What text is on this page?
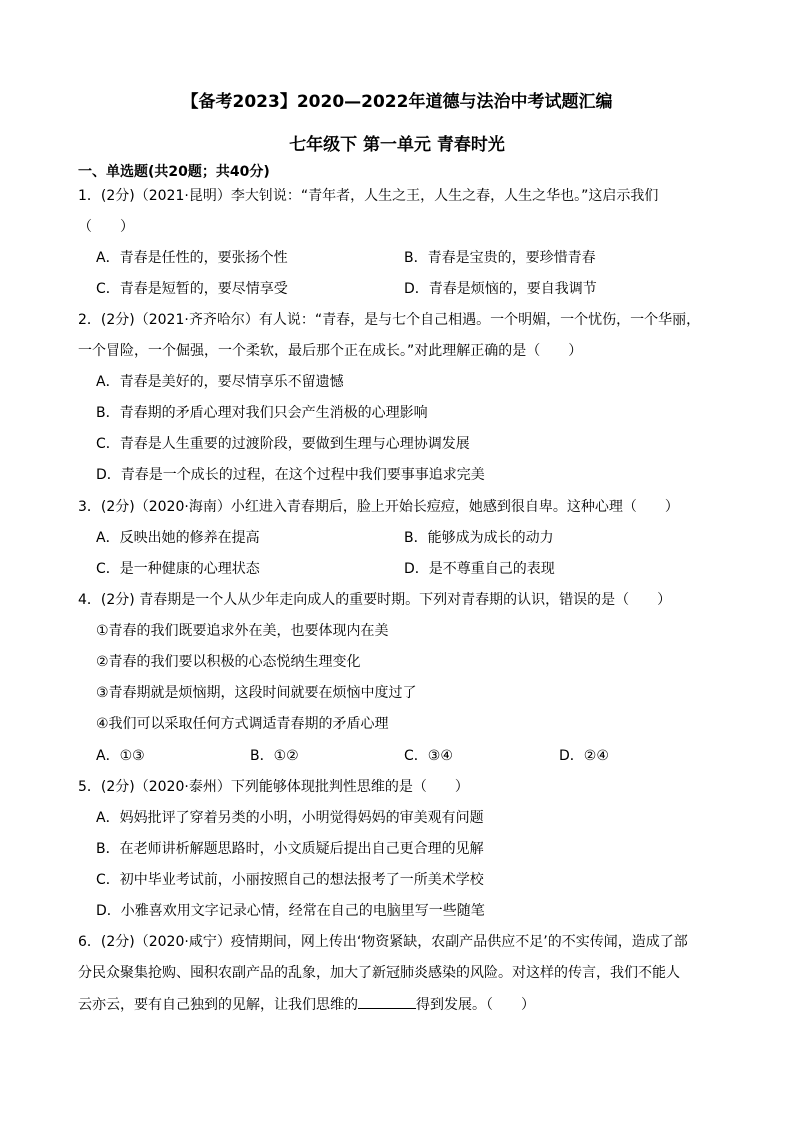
【备考2023】2020—2022年道德与法治中考试题汇编
七年级下 第一单元 青春时光
一、单选题(共20题；共40分)
1．(2分)（2021·昆明）李大钊说：“青年者，人生之王，人生之春，人生之华也。”这启示我们
（　　）
A．青春是任性的，要张扬个性	B．青春是宝贵的，要珍惜青春
C．青春是短暂的，要尽情享受	D．青春是烦恼的，要自我调节
2．(2分)（2021·齐齐哈尔）有人说：“青春，是与七个自己相遇。一个明媚，一个忧伤，一个华丽，
一个冒险，一个倔强，一个柔软，最后那个正在成长。”对此理解正确的是（　　）
A．青春是美好的，要尽情享乐不留遗憾
B．青春期的矛盾心理对我们只会产生消极的心理影响
C．青春是人生重要的过渡阶段，要做到生理与心理协调发展
D．青春是一个成长的过程，在这个过程中我们要事事追求完美
3．(2分)（2020·海南）小红进入青春期后，脸上开始长痘痘，她感到很自卑。这种心理（　　）
A．反映出她的修养在提高	B．能够成为成长的动力
C．是一种健康的心理状态	D．是不尊重自己的表现
4．(2分) 青春期是一个人从少年走向成人的重要时期。下列对青春期的认识，错误的是（　　）
①青春的我们既要追求外在美，也要体现内在美
②青春的我们要以积极的心态悦纳生理变化
③青春期就是烦恼期，这段时间就要在烦恼中度过了
④我们可以采取任何方式调适青春期的矛盾心理
A．①③	B．①②	C．③④	D．②④
5．(2分)（2020·泰州）下列能够体现批判性思维的是（　　）
A．妈妈批评了穿着另类的小明，小明觉得妈妈的审美观有问题
B．在老师讲析解题思路时，小文质疑后提出自己更合理的见解
C．初中毕业考试前，小丽按照自己的想法报考了一所美术学校
D．小雅喜欢用文字记录心情，经常在自己的电脑里写一些随笔
6．(2分)（2020·咸宁）疫情期间，网上传出‘物资紧缺，农副产品供应不足’的不实传闻，造成了部
分民众聚集抢购、囤积农副产品的乱象，加大了新冠肺炎感染的风险。对这样的传言，我们不能人
云亦云，要有自己独到的见解，让我们思维的	得到发展。（　　）
